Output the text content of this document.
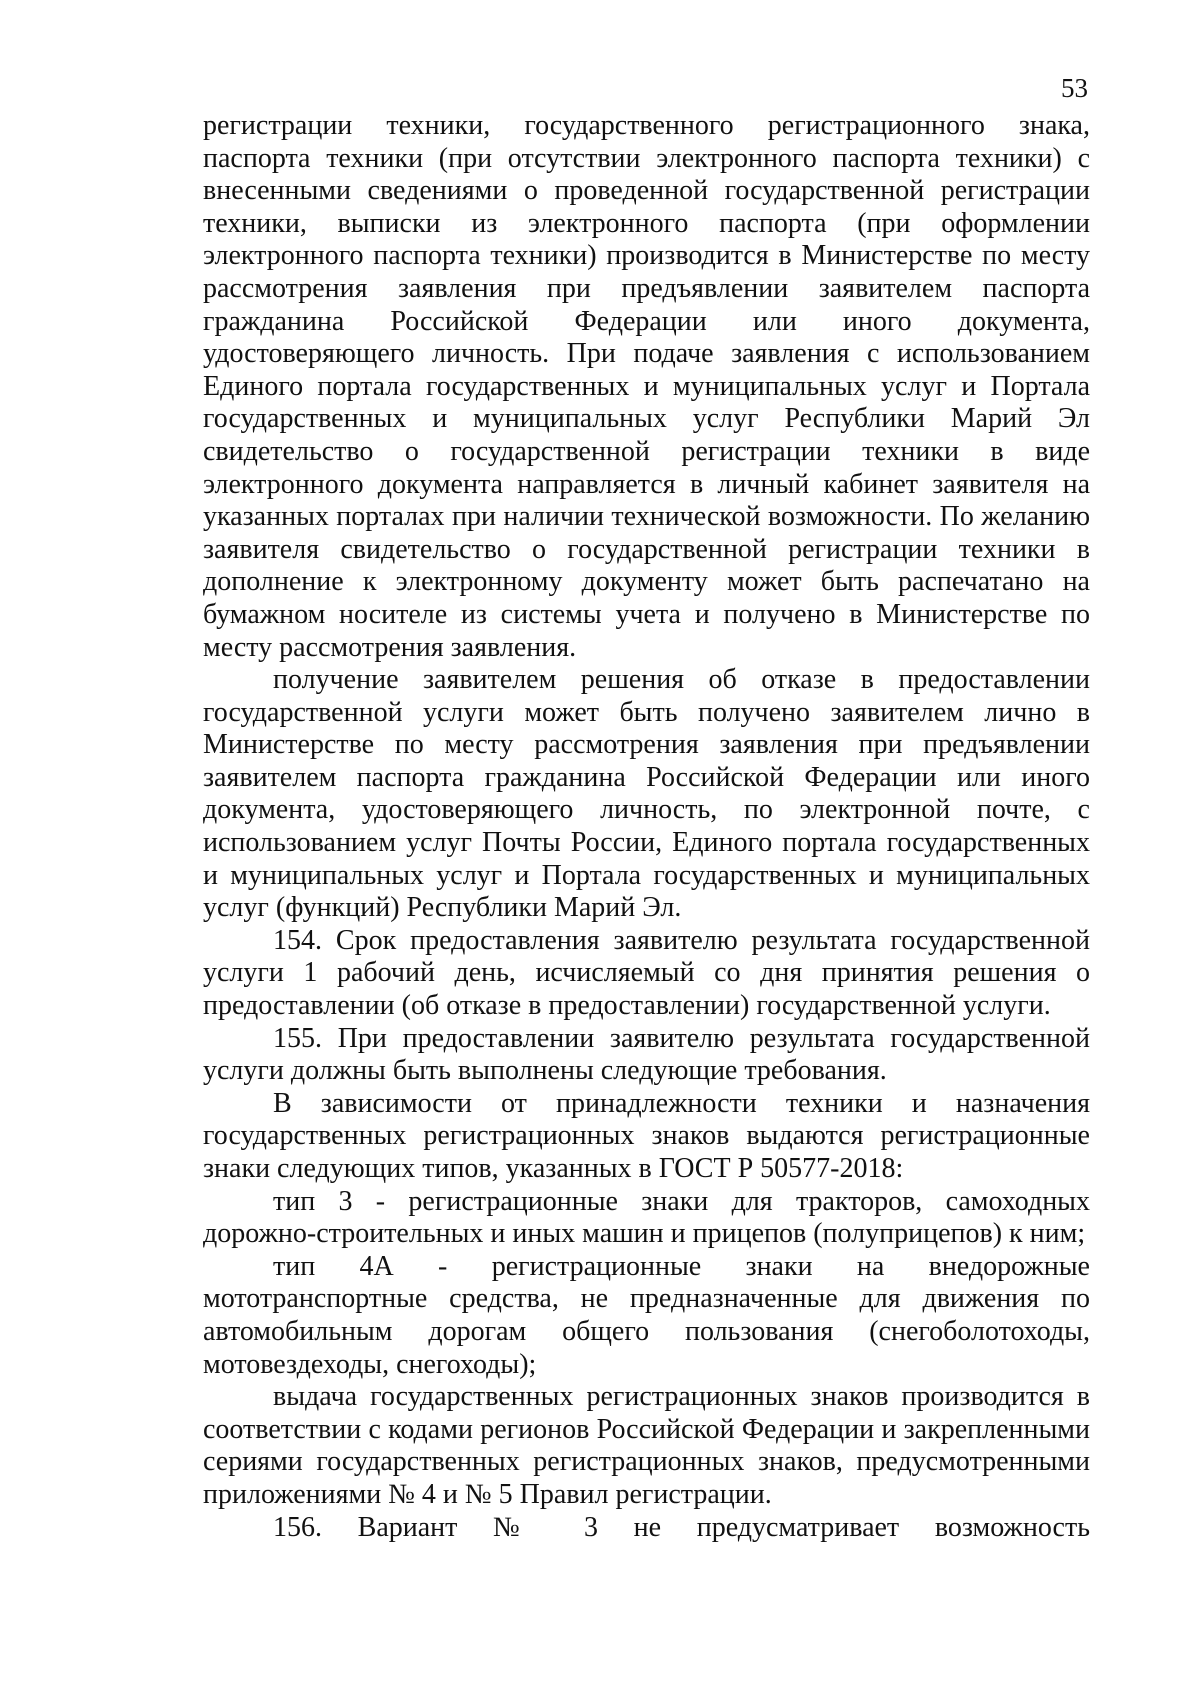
53

регистрации техники, государственного регистрационного знака, паспорта техники (при отсутствии электронного паспорта техники) с внесенными сведениями о проведенной государственной регистрации техники, выписки из электронного паспорта (при оформлении электронного паспорта техники) производится в Министерстве по месту рассмотрения заявления при предъявлении заявителем паспорта гражданина Российской Федерации или иного документа, удостоверяющего личность. При подаче заявления с использованием Единого портала государственных и муниципальных услуг и Портала государственных и муниципальных услуг Республики Марий Эл свидетельство о государственной регистрации техники в виде электронного документа направляется в личный кабинет заявителя на указанных порталах при наличии технической возможности. По желанию заявителя свидетельство о государственной регистрации техники в дополнение к электронному документу может быть распечатано на бумажном носителе из системы учета и получено в Министерстве по месту рассмотрения заявления.

получение заявителем решения об отказе в предоставлении государственной услуги может быть получено заявителем лично в Министерстве по месту рассмотрения заявления при предъявлении заявителем паспорта гражданина Российской Федерации или иного документа, удостоверяющего личность, по электронной почте, с использованием услуг Почты России, Единого портала государственных и муниципальных услуг и Портала государственных и муниципальных услуг (функций) Республики Марий Эл.

154. Срок предоставления заявителю результата государственной услуги 1 рабочий день, исчисляемый со дня принятия решения о предоставлении (об отказе в предоставлении) государственной услуги.

155. При предоставлении заявителю результата государственной услуги должны быть выполнены следующие требования.

В зависимости от принадлежности техники и назначения государственных регистрационных знаков выдаются регистрационные знаки следующих типов, указанных в ГОСТ Р 50577-2018:

тип 3 - регистрационные знаки для тракторов, самоходных дорожно-строительных и иных машин и прицепов (полуприцепов) к ним;

тип 4А - регистрационные знаки на внедорожные мототранспортные средства, не предназначенные для движения по автомобильным дорогам общего пользования (снегоболотоходы, мотовездеходы, снегоходы);

выдача государственных регистрационных знаков производится в соответствии с кодами регионов Российской Федерации и закрепленными сериями государственных регистрационных знаков, предусмотренными приложениями № 4 и № 5 Правил регистрации.

156. Вариант № 3 не предусматривает возможность
